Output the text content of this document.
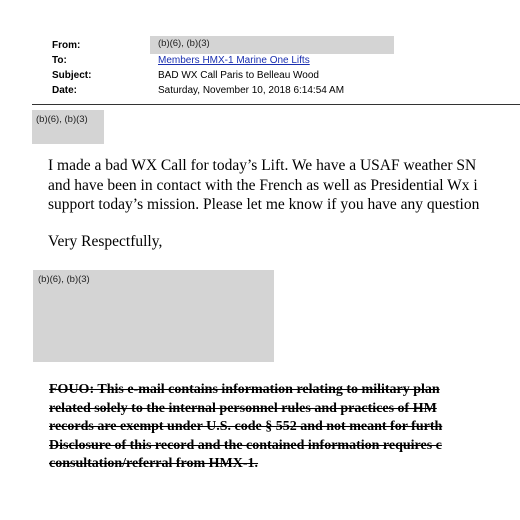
From:
To:
Subject:
Date:
(b)(6), (b)(3)
Members HMX-1 Marine One Lifts
BAD WX Call Paris to Belleau Wood
Saturday, November 10, 2018 6:14:54 AM
(b)(6), (b)(3)
I made a bad WX Call for today’s Lift. We have a USAF weather SN
and have been in contact with the French as well as Presidential Wx i
support today’s mission. Please let me know if you have any question
Very Respectfully,
(b)(6), (b)(3)
FOUO: This e-mail contains information relating to military plan
related solely to the internal personnel rules and practices of HM
records are exempt under U.S. code § 552 and not meant for furth
Disclosure of this record and the contained information requires c
consultation/referral from HMX-1.
